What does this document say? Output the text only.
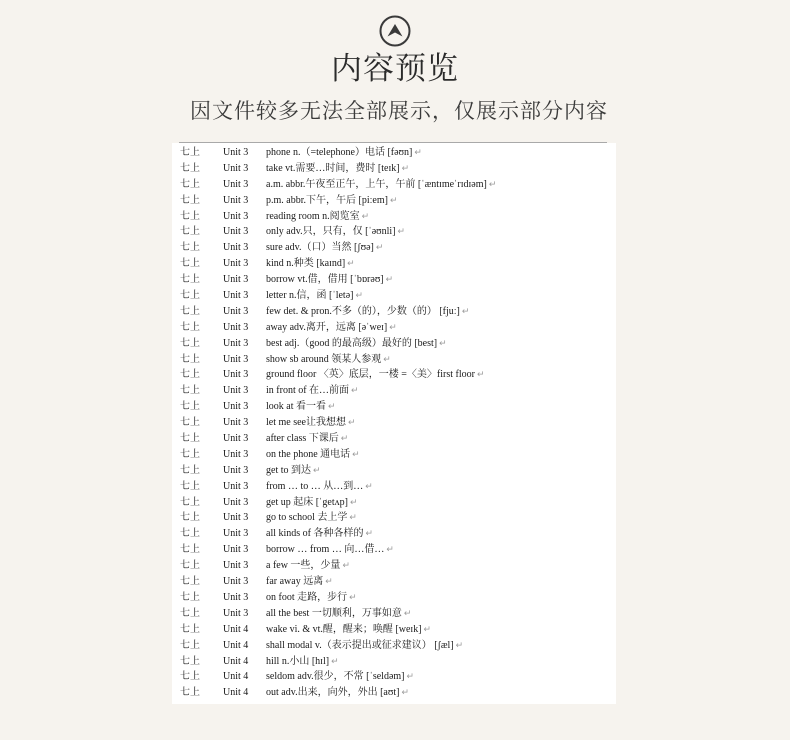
内容预览
因文件较多无法全部展示，仅展示部分内容
七上 Unit 3 phone n.（=telephone）电话 [fəʊn] ↵
七上 Unit 3 take vt.需要…时间，费时 [teɪk] ↵
七上 Unit 3 a.m. abbr.午夜至正午，上午，午前 [ˈæntɪmeˈrɪdɪəm] ↵
七上 Unit 3 p.m. abbr.下午，午后 [piːem] ↵
七上 Unit 3 reading room n.阅览室 ↵
七上 Unit 3 only adv.只，只有，仅 [ˈəʊnli] ↵
七上 Unit 3 sure adv.（口）当然 [ʃʊə] ↵
七上 Unit 3 kind n.种类 [kaɪnd] ↵
七上 Unit 3 borrow vt.借，借用 [ˈbɒrəʊ] ↵
七上 Unit 3 letter n.信，函 [ˈletə] ↵
七上 Unit 3 few det. & pron.不多（的），少数（的） [fjuː] ↵
七上 Unit 3 away adv.离开，远离 [əˈweɪ] ↵
七上 Unit 3 best adj.（good 的最高级）最好的 [best] ↵
七上 Unit 3 show sb around 领某人参观 ↵
七上 Unit 3 ground floor 〈英〉底层，一楼 =〈美〉first floor ↵
七上 Unit 3 in front of 在…前面 ↵
七上 Unit 3 look at 看一看 ↵
七上 Unit 3 let me see让我想想 ↵
七上 Unit 3 after class 下课后 ↵
七上 Unit 3 on the phone 通电话 ↵
七上 Unit 3 get to 到达 ↵
七上 Unit 3 from … to … 从…到… ↵
七上 Unit 3 get up 起床 [ˈgetʌp] ↵
七上 Unit 3 go to school 去上学 ↵
七上 Unit 3 all kinds of 各种各样的 ↵
七上 Unit 3 borrow … from … 向…借… ↵
七上 Unit 3 a few 一些，少量 ↵
七上 Unit 3 far away 远离 ↵
七上 Unit 3 on foot 走路，步行 ↵
七上 Unit 3 all the best 一切顺利，万事如意 ↵
七上 Unit 4 wake vi. & vt.醒，醒来；唤醒 [weɪk] ↵
七上 Unit 4 shall modal v.（表示提出或征求建议） [ʃæl] ↵
七上 Unit 4 hill n.小山 [hɪl] ↵
七上 Unit 4 seldom adv.很少，不常 [ˈseldəm] ↵
七上 Unit 4 out adv.出来，向外，外出 [aʊt] ↵
